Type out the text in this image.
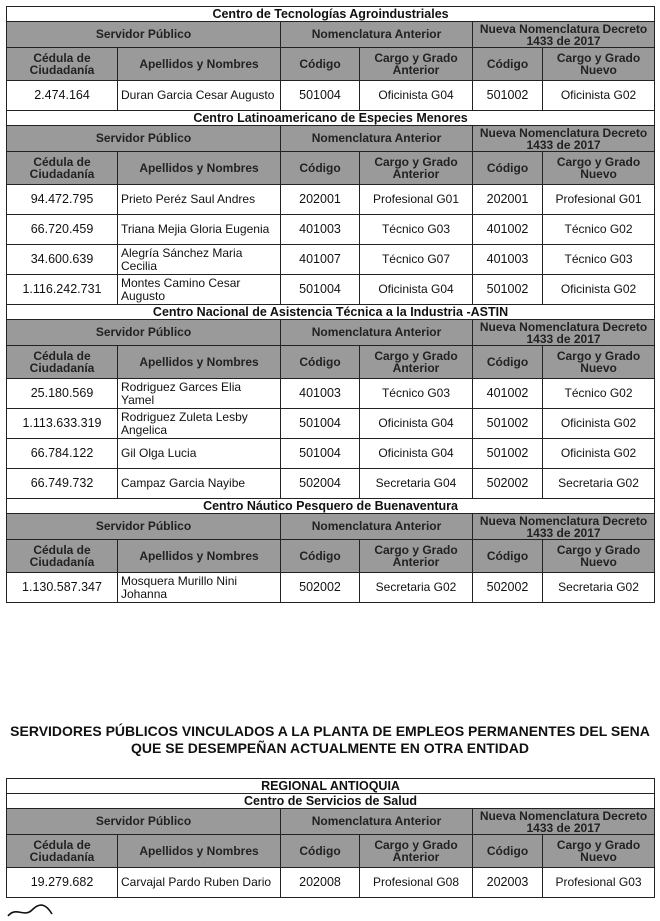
Centro de Tecnologías Agroindustriales					
Servidor Público		Nomenclatura Anterior		Nueva Nomenclatura Decreto 1433 de 2017	
Cédula de Ciudadanía	Apellidos y Nombres	Código	Cargo y Grado Anterior	Código	Cargo y Grado Nuevo
2.474.164	Duran Garcia Cesar Augusto	501004	Oficinista G04	501002	Oficinista G02
Centro Latinoamericano de Especies Menores					
Servidor Público		Nomenclatura Anterior		Nueva Nomenclatura Decreto 1433 de 2017	
Cédula de Ciudadanía	Apellidos y Nombres	Código	Cargo y Grado Anterior	Código	Cargo y Grado Nuevo
94.472.795	Prieto Peréz Saul Andres	202001	Profesional G01	202001	Profesional G01
66.720.459	Triana Mejia Gloria Eugenia	401003	Técnico G03	401002	Técnico G02
34.600.639	Alegría Sánchez Maria Cecilia	401007	Técnico G07	401003	Técnico G03
1.116.242.731	Montes Camino Cesar Augusto	501004	Oficinista G04	501002	Oficinista G02
Centro Nacional de Asistencia Técnica a la Industria -ASTIN					
Servidor Público		Nomenclatura Anterior		Nueva Nomenclatura Decreto 1433 de 2017	
Cédula de Ciudadanía	Apellidos y Nombres	Código	Cargo y Grado Anterior	Código	Cargo y Grado Nuevo
25.180.569	Rodriguez Garces Elia Yamel	401003	Técnico G03	401002	Técnico G02
1.113.633.319	Rodriguez Zuleta Lesby Angelica	501004	Oficinista G04	501002	Oficinista G02
66.784.122	Gil Olga Lucia	501004	Oficinista G04	501002	Oficinista G02
66.749.732	Campaz Garcia Nayibe	502004	Secretaria G04	502002	Secretaria G02
Centro Náutico Pesquero de Buenaventura					
Servidor Público		Nomenclatura Anterior		Nueva Nomenclatura Decreto 1433 de 2017	
Cédula de Ciudadanía	Apellidos y Nombres	Código	Cargo y Grado Anterior	Código	Cargo y Grado Nuevo
1.130.587.347	Mosquera Murillo Nini Johanna	502002	Secretaria G02	502002	Secretaria G02
SERVIDORES PÚBLICOS VINCULADOS A LA PLANTA DE EMPLEOS PERMANENTES DEL SENA QUE SE DESEMPEÑAN ACTUALMENTE EN OTRA ENTIDAD
REGIONAL ANTIOQUIA					
Centro de Servicios de Salud					
Servidor Público		Nomenclatura Anterior		Nueva Nomenclatura Decreto 1433 de 2017	
Cédula de Ciudadanía	Apellidos y Nombres	Código	Cargo y Grado Anterior	Código	Cargo y Grado Nuevo
19.279.682	Carvajal Pardo Ruben Dario	202008	Profesional G08	202003	Profesional G03
